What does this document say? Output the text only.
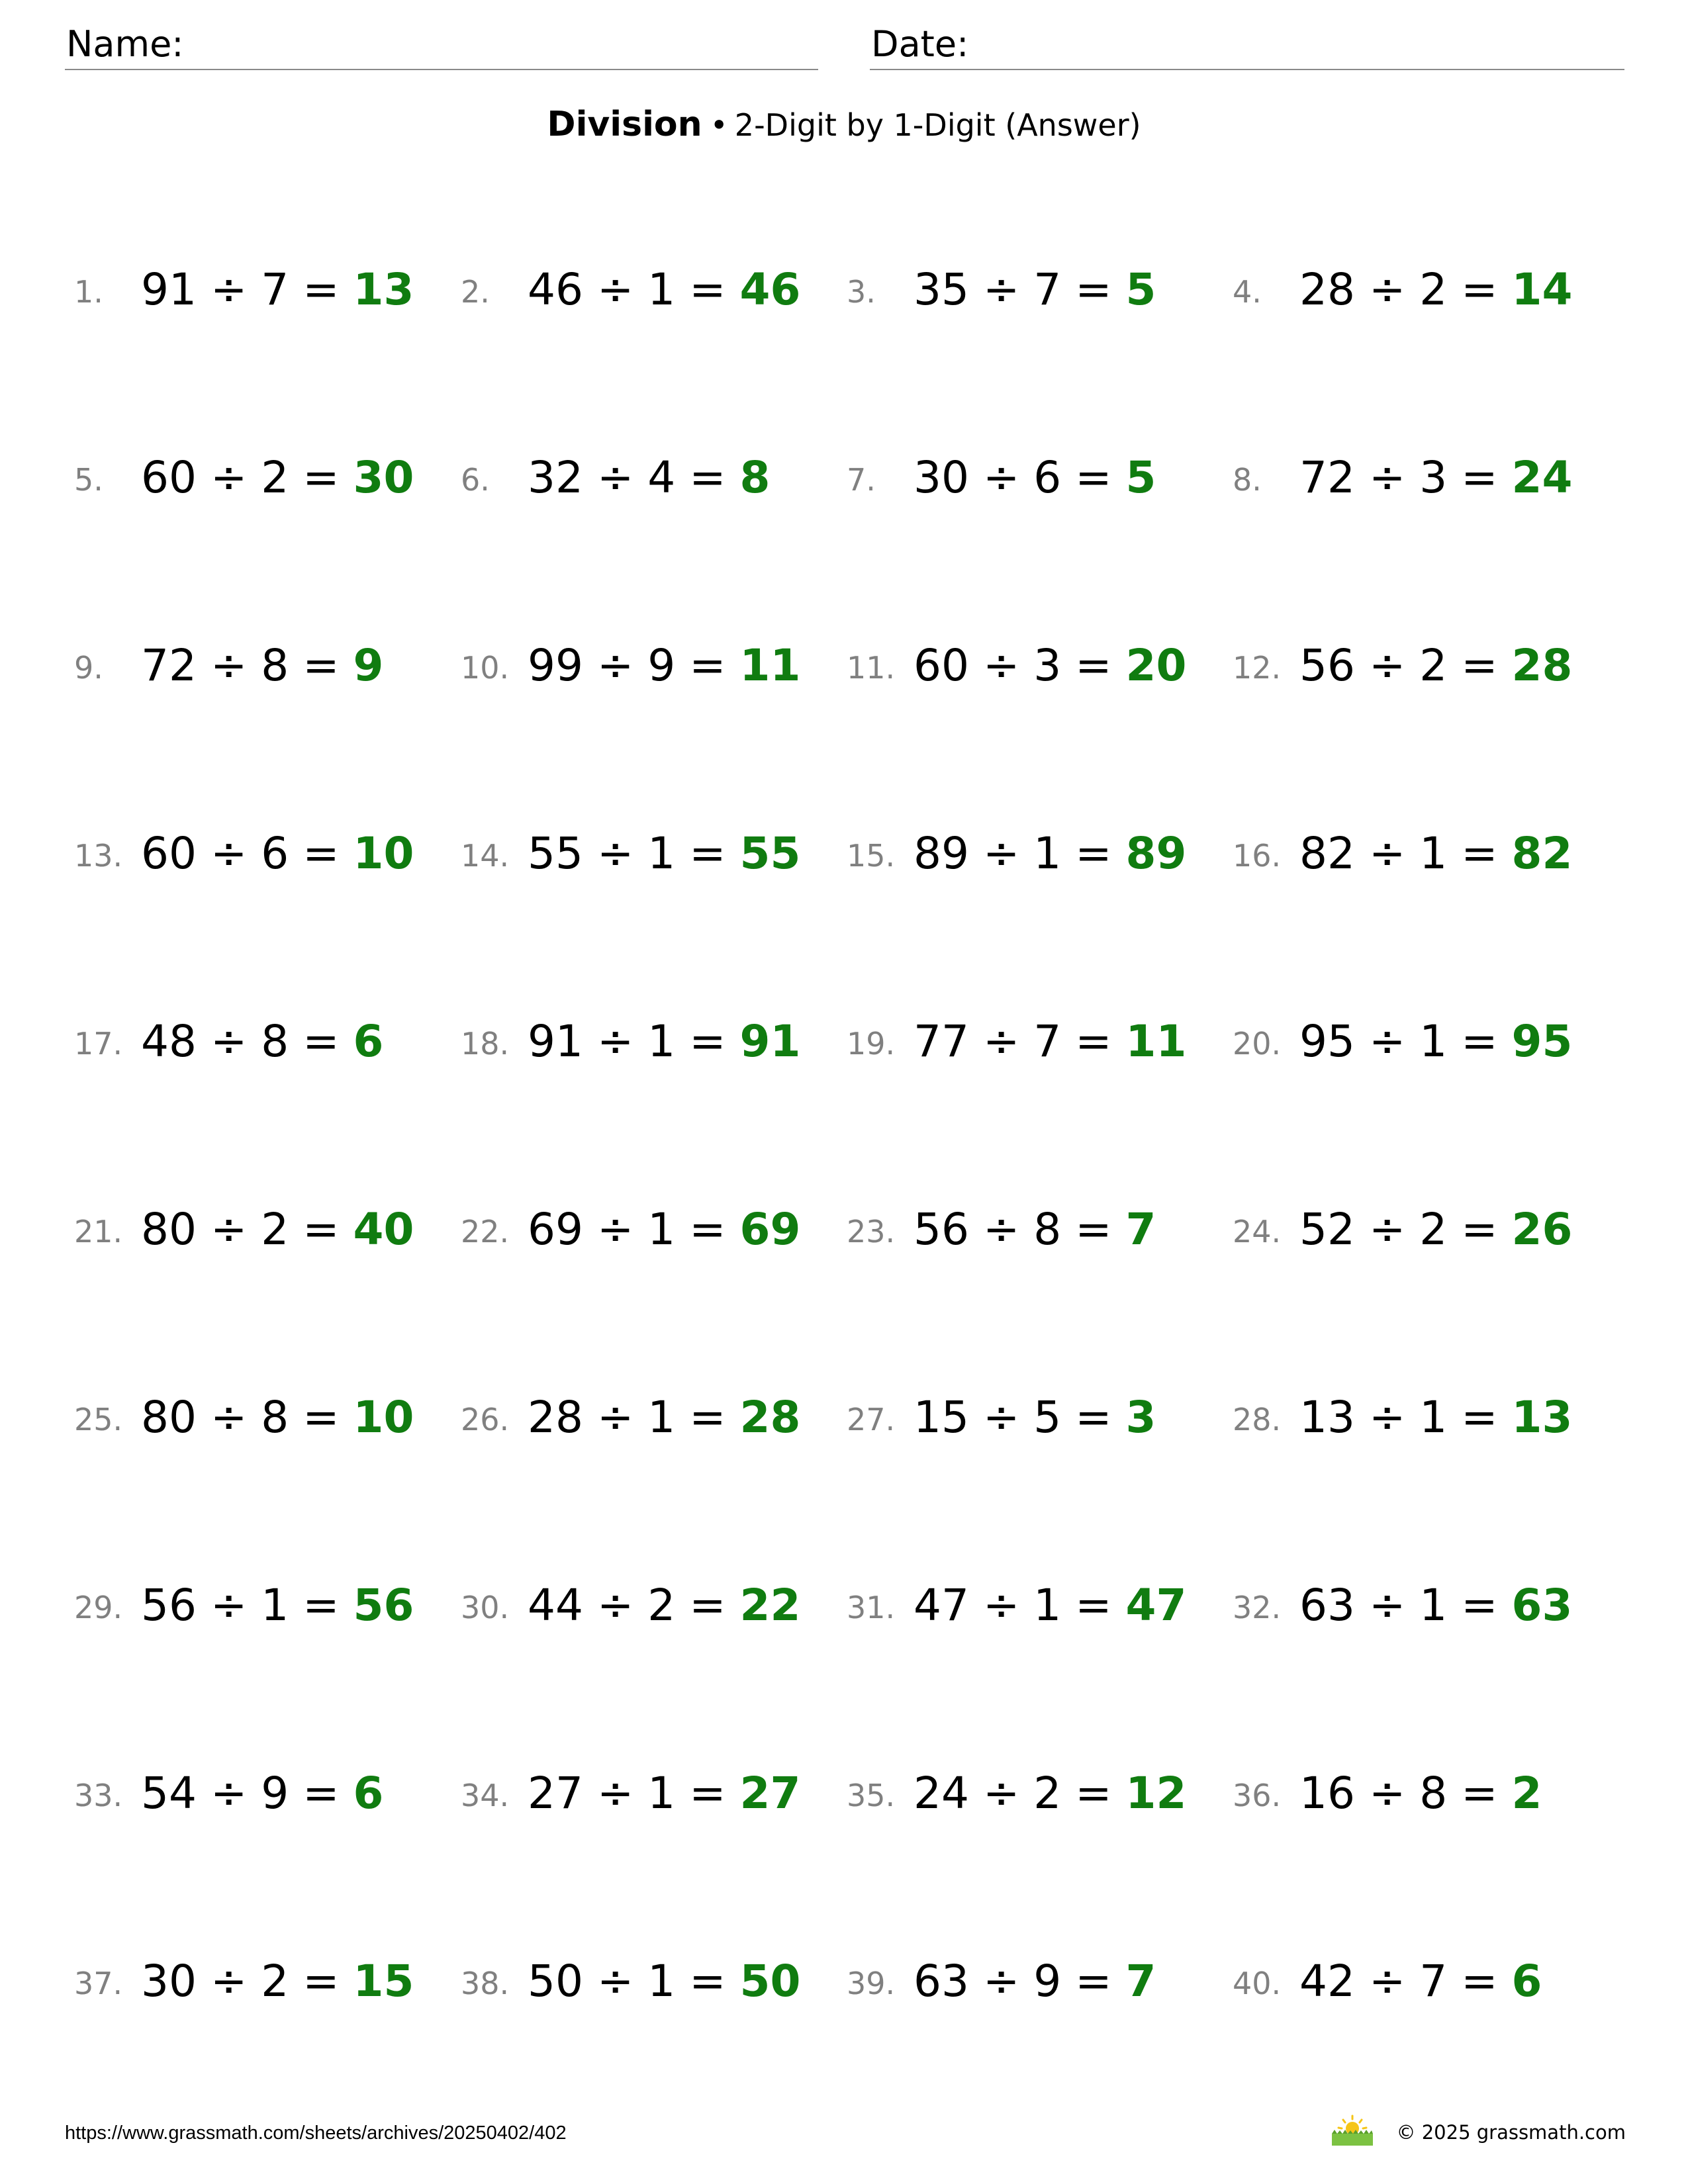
Name:	Date:
Division • 2-Digit by 1-Digit (Answer)
1. 91 ÷ 7 = 13 2. 46 ÷ 1 = 46 3. 35 ÷ 7 = 5	4. 28 ÷ 2 = 14
5. 60 ÷ 2 = 30 6. 32 ÷ 4 = 8	7. 30 ÷ 6 = 5	8. 72 ÷ 3 = 24
9. 72 ÷ 8 = 9	10. 99 ÷ 9 = 11 11. 60 ÷ 3 = 20 12. 56 ÷ 2 = 28
13. 60 ÷ 6 = 10 14. 55 ÷ 1 = 55 15. 89 ÷ 1 = 89 16. 82 ÷ 1 = 82
17. 48 ÷ 8 = 6	18. 91 ÷ 1 = 91 19. 77 ÷ 7 = 11 20. 95 ÷ 1 = 95
21. 80 ÷ 2 = 40 22. 69 ÷ 1 = 69 23. 56 ÷ 8 = 7	24. 52 ÷ 2 = 26
25. 80 ÷ 8 = 10 26. 28 ÷ 1 = 28 27. 15 ÷ 5 = 3	28. 13 ÷ 1 = 13
29. 56 ÷ 1 = 56 30. 44 ÷ 2 = 22 31. 47 ÷ 1 = 47 32. 63 ÷ 1 = 63
33. 54 ÷ 9 = 6	34. 27 ÷ 1 = 27 35. 24 ÷ 2 = 12 36. 16 ÷ 8 = 2
37. 30 ÷ 2 = 15 38. 50 ÷ 1 = 50 39. 63 ÷ 9 = 7	40. 42 ÷ 7 = 6
https://www.grassmath.com/sheets/archives/20250402/402	© 2025 grassmath.com
